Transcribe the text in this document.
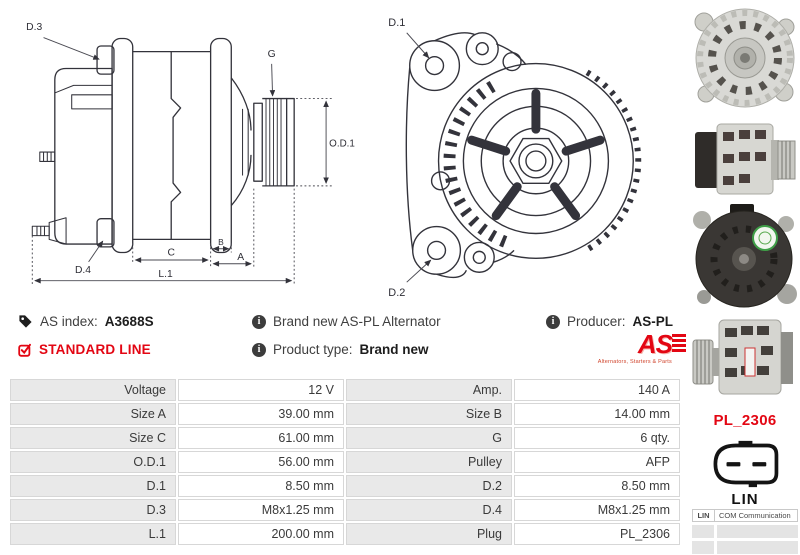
D.3
G
O.D.1
C
B
A
D.4	L.1
D.1
D.2
AS index: A3688S
STANDARD LINE
i Brand new AS-PL Alternator
i Product type: Brand new
i Producer: AS-PL
AS
Alternators, Starters & Parts
Voltage	12 V	Amp.	140 A
Size A	39.00 mm	Size B	14.00 mm
Size C	61.00 mm	G	6 qty.
O.D.1	56.00 mm	Pulley	AFP
D.1	8.50 mm	D.2	8.50 mm
D.3	M8x1.25 mm	D.4	M8x1.25 mm
L.1	200.00 mm	Plug	PL_2306
PL_2306
LIN
LIN	COM Communication
